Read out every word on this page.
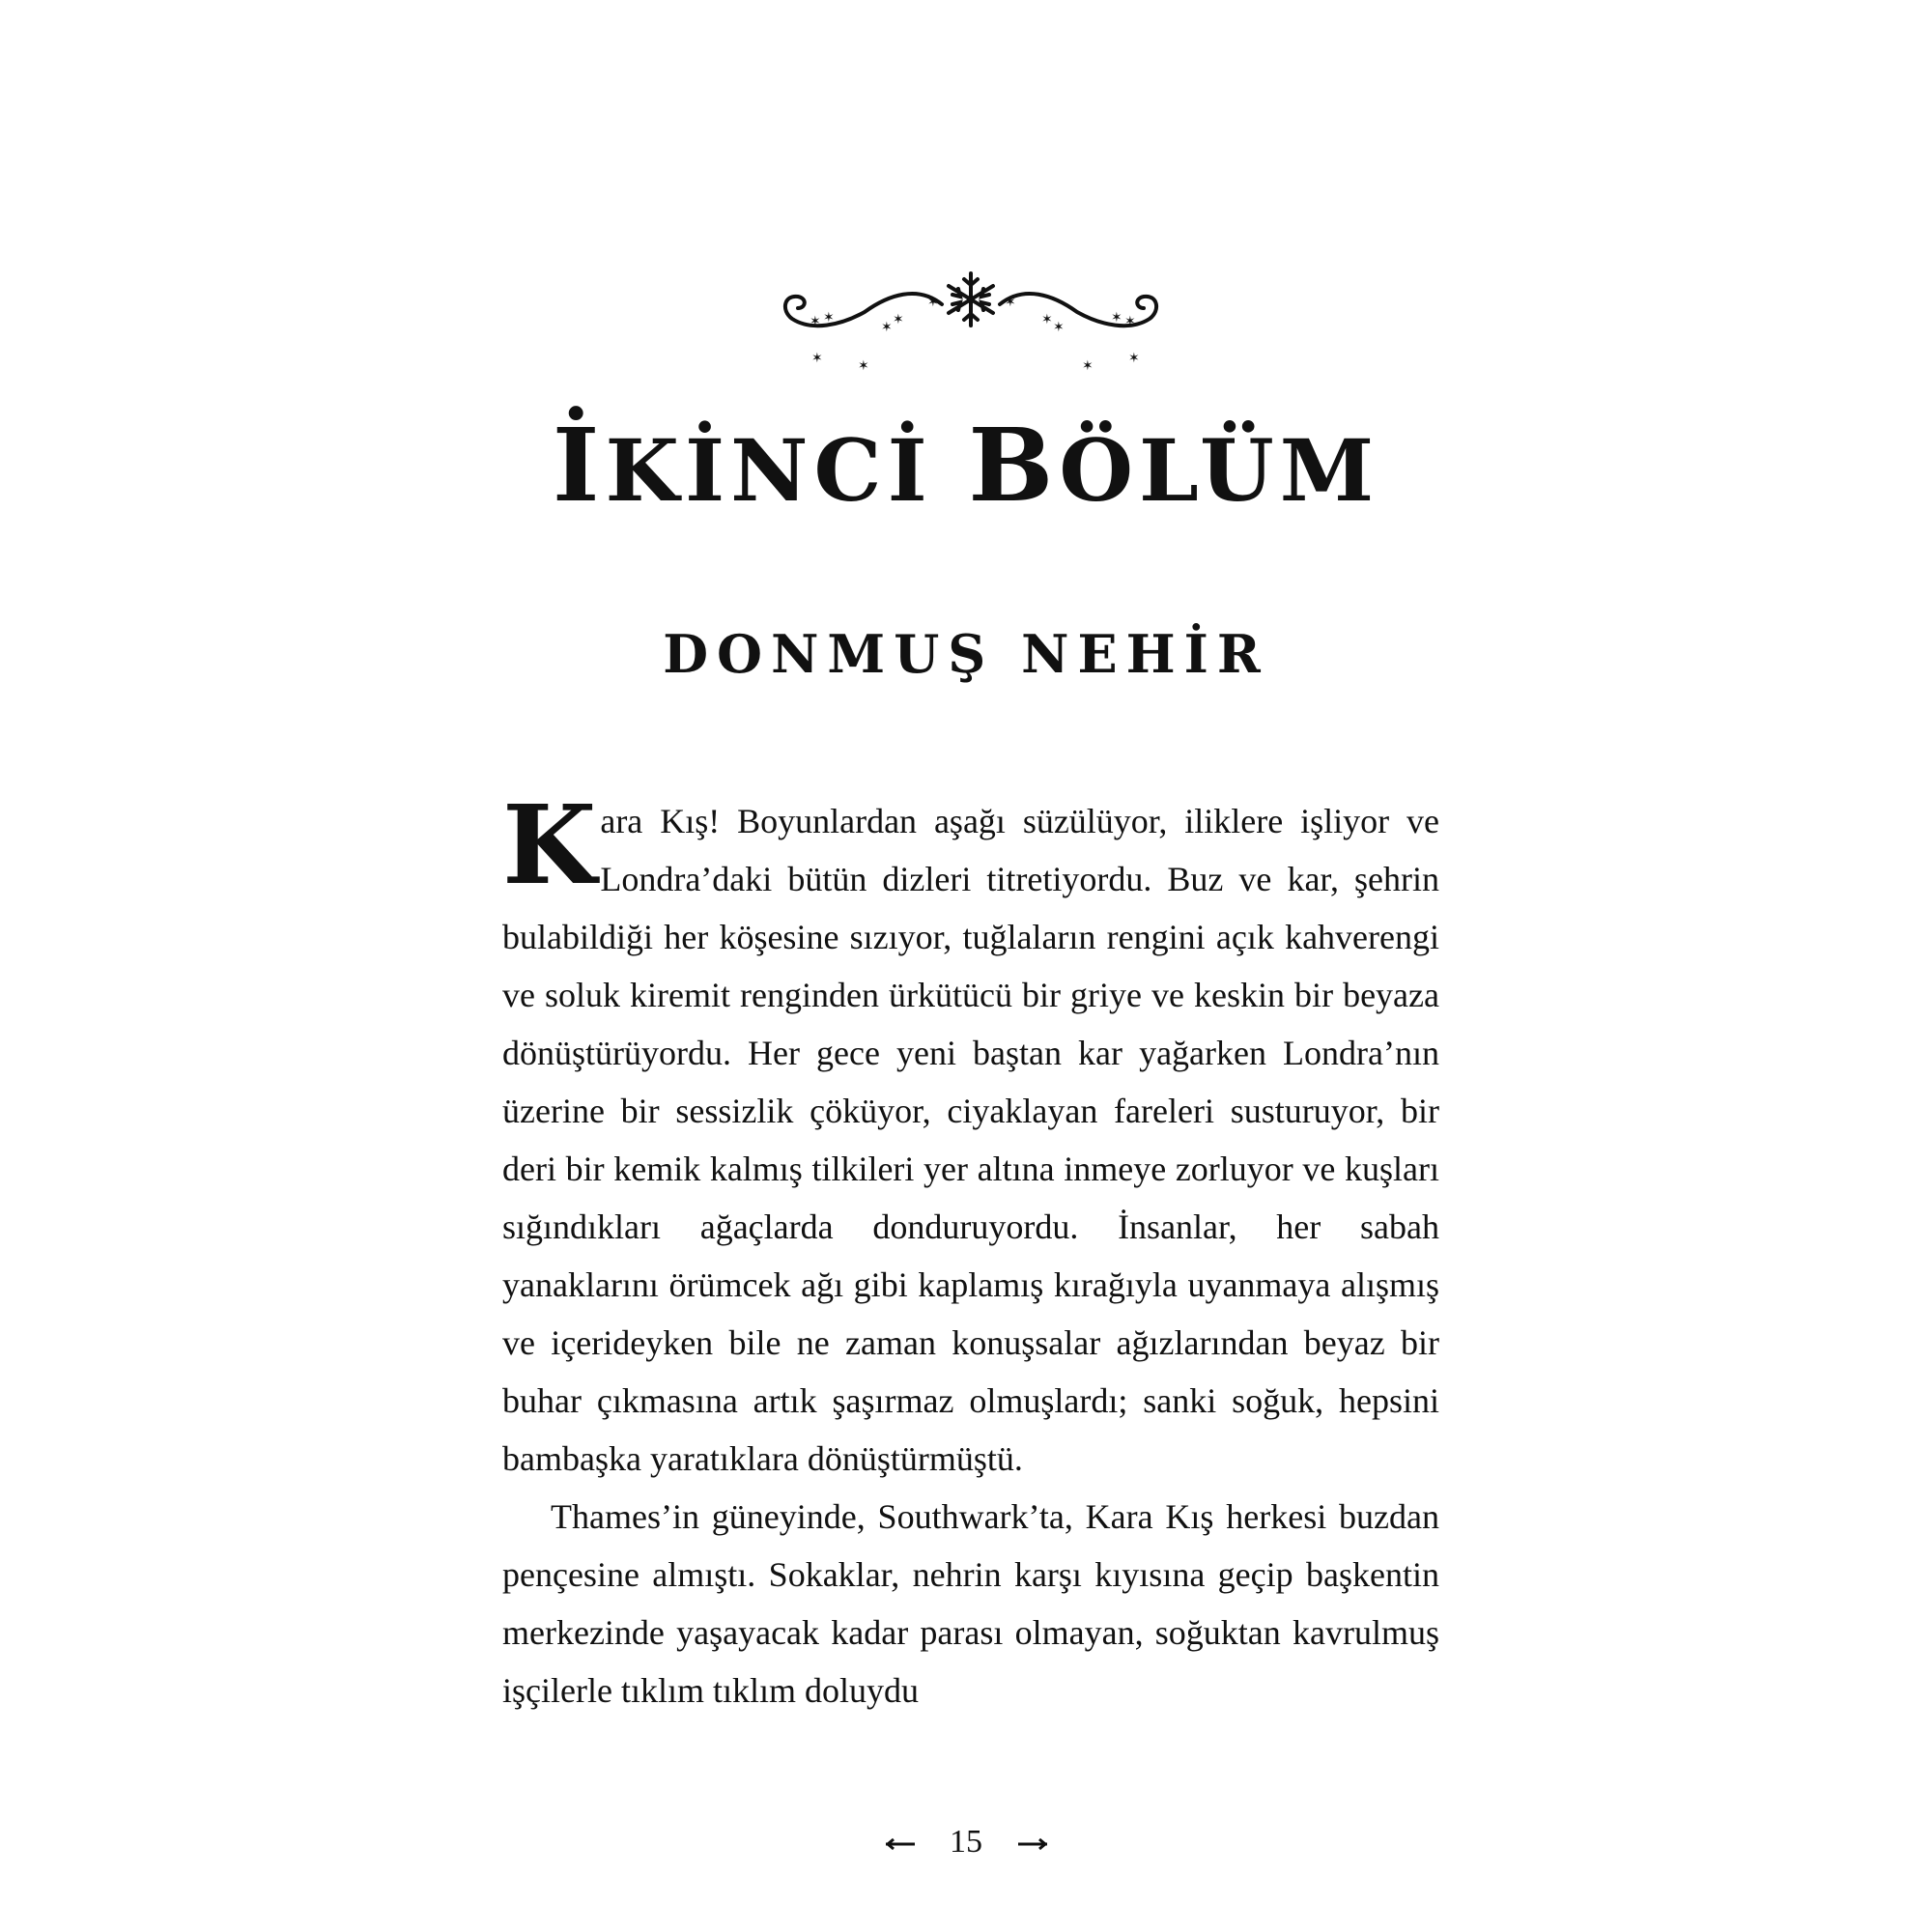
✶ ✶
✶ ✶
✶	✶
✶ ✶
✶ ✶
✶	✶	✶	✶
İKİNCİ BÖLÜM
DONMUŞ NEHİR

Kara Kış! Boyunlardan aşağı süzülüyor, iliklere işliyor ve Londra’daki bütün dizleri titretiyordu. Buz ve kar, şehrin bulabildiği her köşesine sızıyor, tuğlaların rengini açık kahverengi ve soluk kiremit renginden ürkütücü bir griye ve keskin bir beyaza dönüştürüyordu. Her gece yeni baştan kar yağarken Londra’nın üzerine bir sessizlik çöküyor, ciyaklayan fareleri susturuyor, bir deri bir kemik kalmış tilkileri yer altına inmeye zorluyor ve kuşları sığındıkları ağaçlarda donduruyordu. İnsanlar, her sabah yanaklarını örümcek ağı gibi kaplamış kırağıyla uyanmaya alışmış ve içerideyken bile ne zaman konuşsalar ağızlarından beyaz bir buhar çıkmasına artık şaşırmaz olmuşlardı; sanki soğuk, hepsini bambaşka yaratıklara dönüştürmüştü.

Thames’in güneyinde, Southwark’ta, Kara Kış herkesi buzdan pençesine almıştı. Sokaklar, nehrin karşı kıyısına geçip başkentin merkezinde yaşayacak kadar parası olmayan, soğuktan kavrulmuş işçilerle tıklım tıklım doluydu

15
